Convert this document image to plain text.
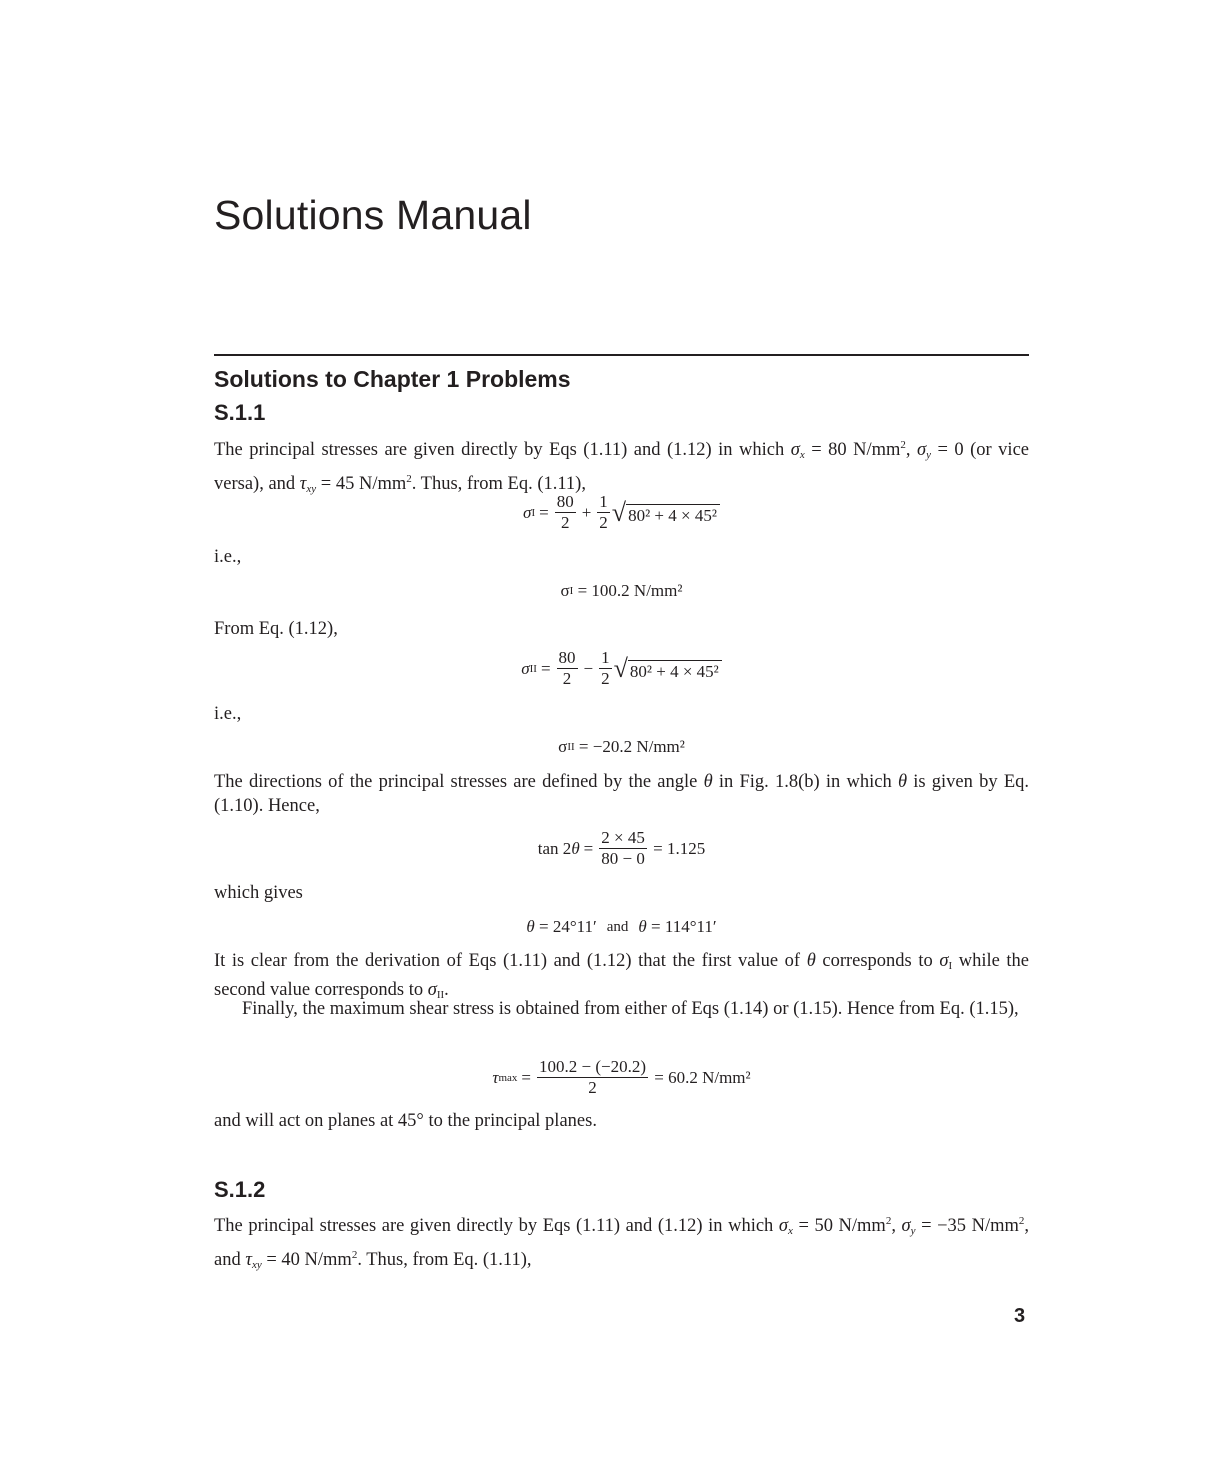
Solutions Manual
Solutions to Chapter 1 Problems
S.1.1

The principal stresses are given directly by Eqs (1.11) and (1.12) in which $\sigma_x = 80$ $N/mm^2$, $\sigma_y = 0$ (or vice versa), and $\tau_{xy} = 45$ $N/mm^2$. Thus, from Eq. (1.11),

σ $I = \frac{80}{2} + \frac{1}{2}$ √ 80² + 4 × 45²

i.e.,

σ I
= 100.2 N/mm²

From Eq. (1.12),

σ II = $\frac{80}{2} - \frac{1}{2}$ √ 80² + 4 × 45²

i.e.,

σ II
= −20.2 N/mm²

The directions of the principal stresses are defined by the angle θ in Fig. 1.8(b) in which θ is given by Eq. (1.10). Hence,

tan 2 $\theta = \frac{2 \times 45}{80 - 0}$
= 1.125

which gives

θ
= 24°11′ and θ
= 114°11′

It is clear from the derivation of Eqs (1.11) and (1.12) that the first value of θ corresponds to $\sigma_I$ while the second value corresponds to $\sigma_{II}$.

Finally, the maximum shear stress is obtained from either of Eqs (1.14) or (1.15). Hence from Eq. (1.15),

τ $\max = \frac{100.2 - (-20.2)}{2}$
= 60.2 N/mm²

and will act on planes at 45° to the principal planes.

S.1.2

The principal stresses are given directly by Eqs (1.11) and (1.12) in which $\sigma_x = 50$ $N/mm^2$, $\sigma_y = -35$ $N/mm^2$, and $\tau_{xy} = 40$ $N/mm^2$. Thus, from Eq. (1.11),

3
